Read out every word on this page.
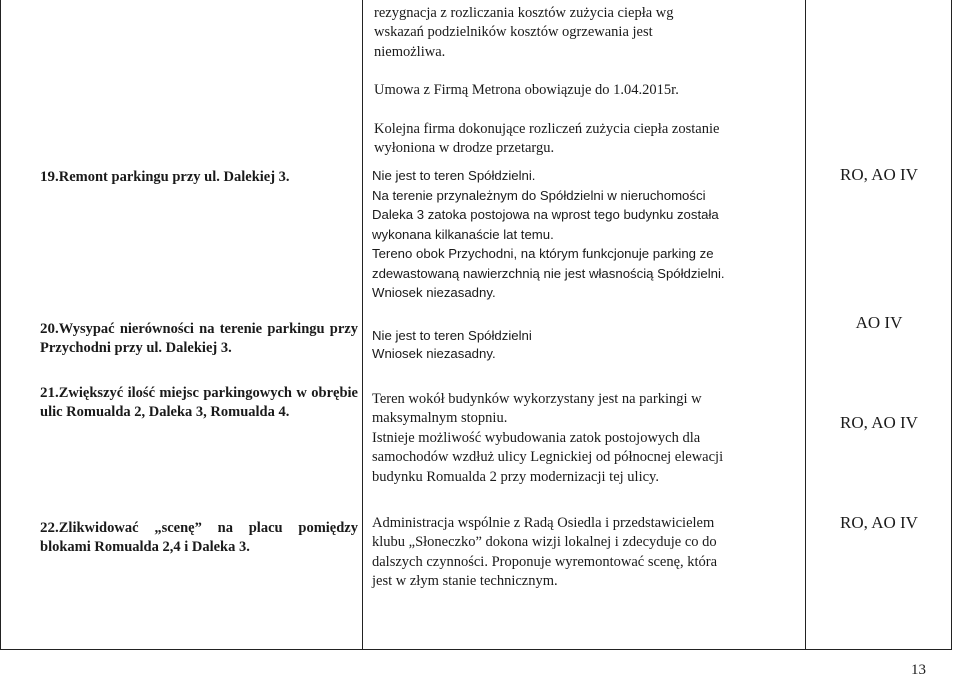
rezygnacja z rozliczania kosztów zużycia ciepła wg wskazań podzielników kosztów ogrzewania jest niemożliwa.

Umowa z Firmą Metrona obowiązuje do 1.04.2015r.

Kolejna firma dokonujące rozliczeń zużycia ciepła zostanie wyłoniona w drodze przetargu.

19.Remont parkingu przy ul. Dalekiej 3.	Nie jest to teren Spółdzielni.

Na terenie przynależnym do Spółdzielni w nieruchomości Daleka 3 zatoka postojowa na wprost tego budynku została wykonana kilkanaście lat temu.

Tereno obok Przychodni, na którym funkcjonuje parking ze zdewastowaną nawierzchnią nie jest własnością Spółdzielni. Wniosek niezasadny.

RO, AO IV
20.Wysypać nierówności na terenie parkingu przy Przychodni przy ul. Dalekiej 3.

Nie jest to teren Spółdzielni

Wniosek niezasadny.

AO IV
21.Zwiększyć ilość miejsc parkingowych w obrębie ulic Romualda 2, Daleka 3, Romualda 4.

Teren wokół budynków wykorzystany jest na parkingi w maksymalnym stopniu.

Istnieje możliwość wybudowania zatok postojowych dla samochodów wzdłuż ulicy Legnickiej od północnej elewacji budynku Romualda 2 przy modernizacji tej ulicy.

RO, AO IV
22.Zlikwidować „scenę” na placu pomiędzy blokami Romualda 2,4 i Daleka 3.

Administracja wspólnie z Radą Osiedla i przedstawicielem klubu „Słoneczko” dokona wizji lokalnej i zdecyduje co do dalszych czynności. Proponuje wyremontować scenę, która jest w złym stanie technicznym.

RO, AO IV
13
